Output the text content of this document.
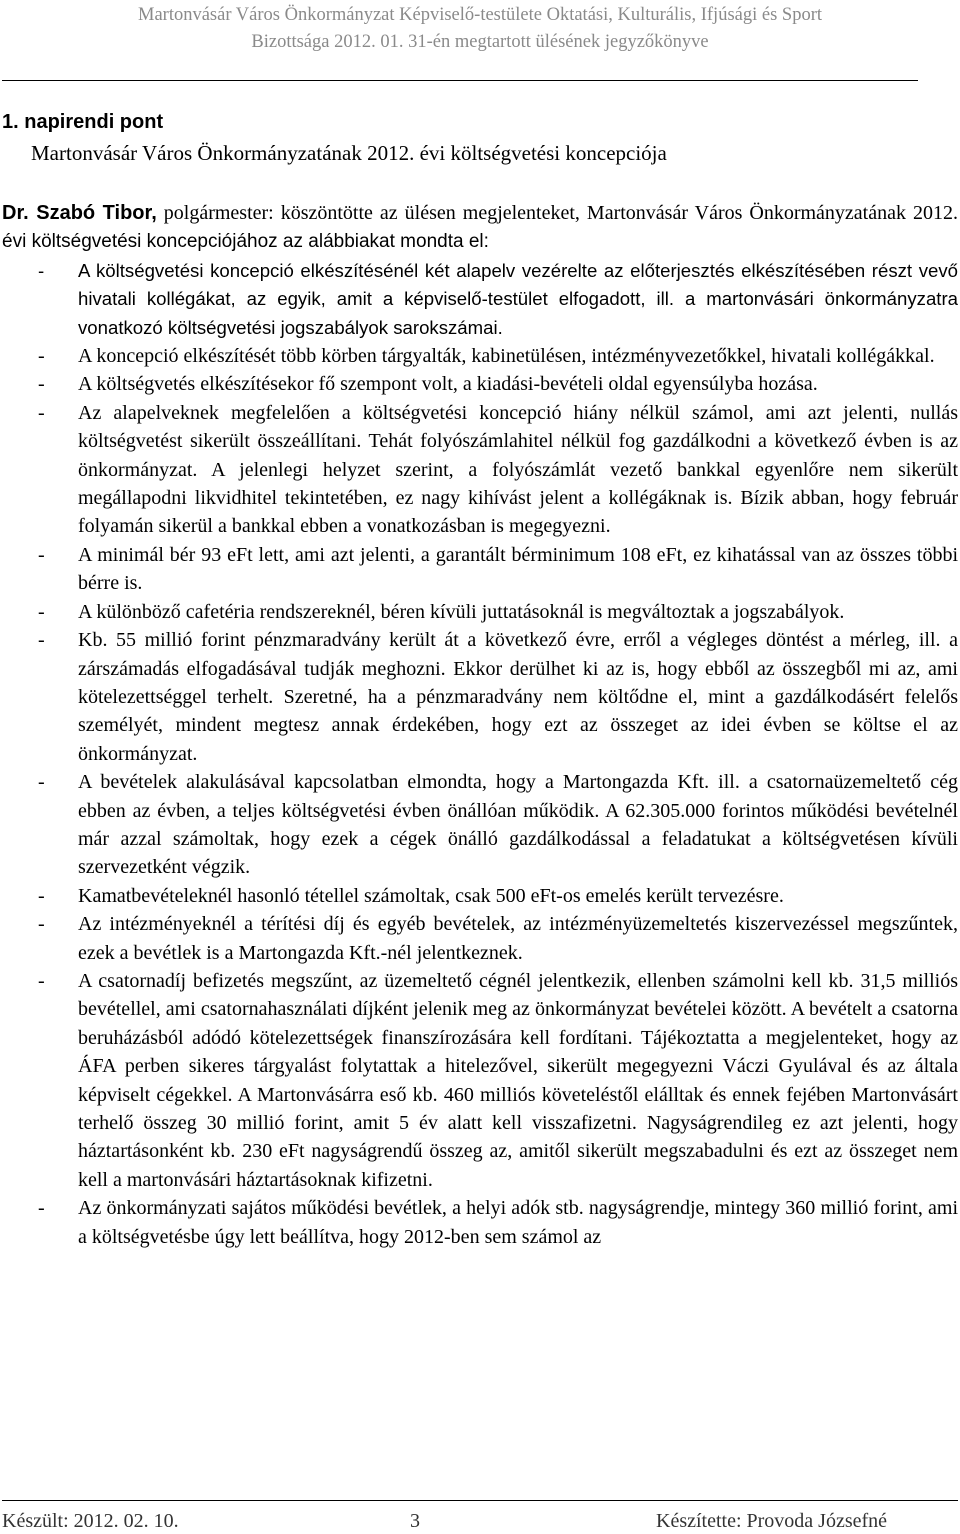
Martonvásár Város Önkormányzat Képviselő-testülete Oktatási, Kulturális, Ifjúsági és Sport
Bizottsága 2012. 01. 31-én megtartott ülésének jegyzőkönyve
1. napirendi pont
Martonvásár Város Önkormányzatának 2012. évi költségvetési koncepciója

Dr. Szabó Tibor, polgármester: köszöntötte az ülésen megjelenteket, Martonvásár Város Önkormányzatának 2012. évi költségvetési koncepciójához az alábbiakat mondta el:

- A költségvetési koncepció elkészítésénél két alapelv vezérelte az előterjesztés elkészítésében részt vevő hivatali kollégákat, az egyik, amit a képviselő-testület elfogadott, ill. a martonvásári önkormányzatra vonatkozó költségvetési jogszabályok sarokszámai.
- A koncepció elkészítését több körben tárgyalták, kabinetülésen, intézményvezetőkkel, hivatali kollégákkal.
- A költségvetés elkészítésekor fő szempont volt, a kiadási-bevételi oldal egyensúlyba hozása.
- Az alapelveknek megfelelően a költségvetési koncepció hiány nélkül számol, ami azt jelenti, nullás költségvetést sikerült összeállítani. Tehát folyószámlahitel nélkül fog gazdálkodni a következő évben is az önkormányzat. A jelenlegi helyzet szerint, a folyószámlát vezető bankkal egyenlőre nem sikerült megállapodni likvidhitel tekintetében, ez nagy kihívást jelent a kollégáknak is. Bízik abban, hogy február folyamán sikerül a bankkal ebben a vonatkozásban is megegyezni.
- A minimál bér 93 eFt lett, ami azt jelenti, a garantált bérminimum 108 eFt, ez kihatással van az összes többi bérre is.
- A különböző cafetéria rendszereknél, béren kívüli juttatásoknál is megváltoztak a jogszabályok.
- Kb. 55 millió forint pénzmaradvány került át a következő évre, erről a végleges döntést a mérleg, ill. a zárszámadás elfogadásával tudják meghozni. Ekkor derülhet ki az is, hogy ebből az összegből mi az, ami kötelezettséggel terhelt. Szeretné, ha a pénzmaradvány nem költődne el, mint a gazdálkodásért felelős személyét, mindent megtesz annak érdekében, hogy ezt az összeget az idei évben se költse el az önkormányzat.
- A bevételek alakulásával kapcsolatban elmondta, hogy a Martongazda Kft. ill. a csatornaüzemeltető cég ebben az évben, a teljes költségvetési évben önállóan működik. A 62.305.000 forintos működési bevételnél már azzal számoltak, hogy ezek a cégek önálló gazdálkodással a feladatukat a költségvetésen kívüli szervezetként végzik.
- Kamatbevételeknél hasonló tétellel számoltak, csak 500 eFt-os emelés került tervezésre.
- Az intézményeknél a térítési díj és egyéb bevételek, az intézményüzemeltetés kiszervezéssel megszűntek, ezek a bevétlek is a Martongazda Kft.-nél jelentkeznek.
- A csatornadíj befizetés megszűnt, az üzemeltető cégnél jelentkezik, ellenben számolni kell kb. 31,5 milliós bevétellel, ami csatornahasználati díjként jelenik meg az önkormányzat bevételei között. A bevételt a csatorna beruházásból adódó kötelezettségek finanszírozására kell fordítani. Tájékoztatta a megjelenteket, hogy az ÁFA perben sikeres tárgyalást folytattak a hitelezővel, sikerült megegyezni Váczi Gyulával és az általa képviselt cégekkel. A Martonvásárra eső kb. 460 milliós követeléstől elálltak és ennek fejében Martonvásárt terhelő összeg 30 millió forint, amit 5 év alatt kell visszafizetni. Nagyságrendileg ez azt jelenti, hogy háztartásonként kb. 230 eFt nagyságrendű összeg az, amitől sikerült megszabadulni és ezt az összeget nem kell a martonvásári háztartásoknak kifizetni.
- Az önkormányzati sajátos működési bevétlek, a helyi adók stb. nagyságrendje, mintegy 360 millió forint, ami a költségvetésbe úgy lett beállítva, hogy 2012-ben sem számol az
Készült: 2012. 02. 10.	3	Készítette: Provoda Józsefné
